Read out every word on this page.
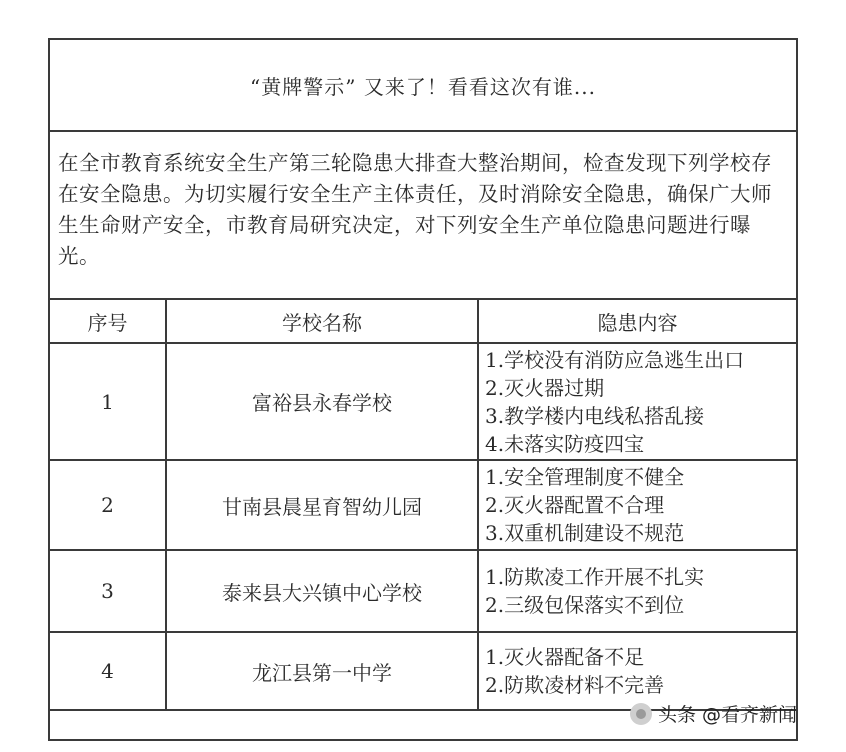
“黄牌警示” 又来了！看看这次有谁...
在全市教育系统安全生产第三轮隐患大排查大整治期间，检查发现下列学校存在安全隐患。为切实履行安全生产主体责任，及时消除安全隐患，确保广大师生生命财产安全，市教育局研究决定，对下列安全生产单位隐患问题进行曝光。
序号	学校名称	隐患内容
1	富裕县永春学校	1.学校没有消防应急逃生出口
2.灭火器过期
3.教学楼内电线私搭乱接
4.未落实防疫四宝

2	甘南县晨星育智幼儿园	1.安全管理制度不健全
2.灭火器配置不合理
3.双重机制建设不规范

3	泰来县大兴镇中心学校	1.防欺凌工作开展不扎实
2.三级包保落实不到位

4	龙江县第一中学	1.灭火器配备不足
2.防欺凌材料不完善
头条 @看齐新闻
